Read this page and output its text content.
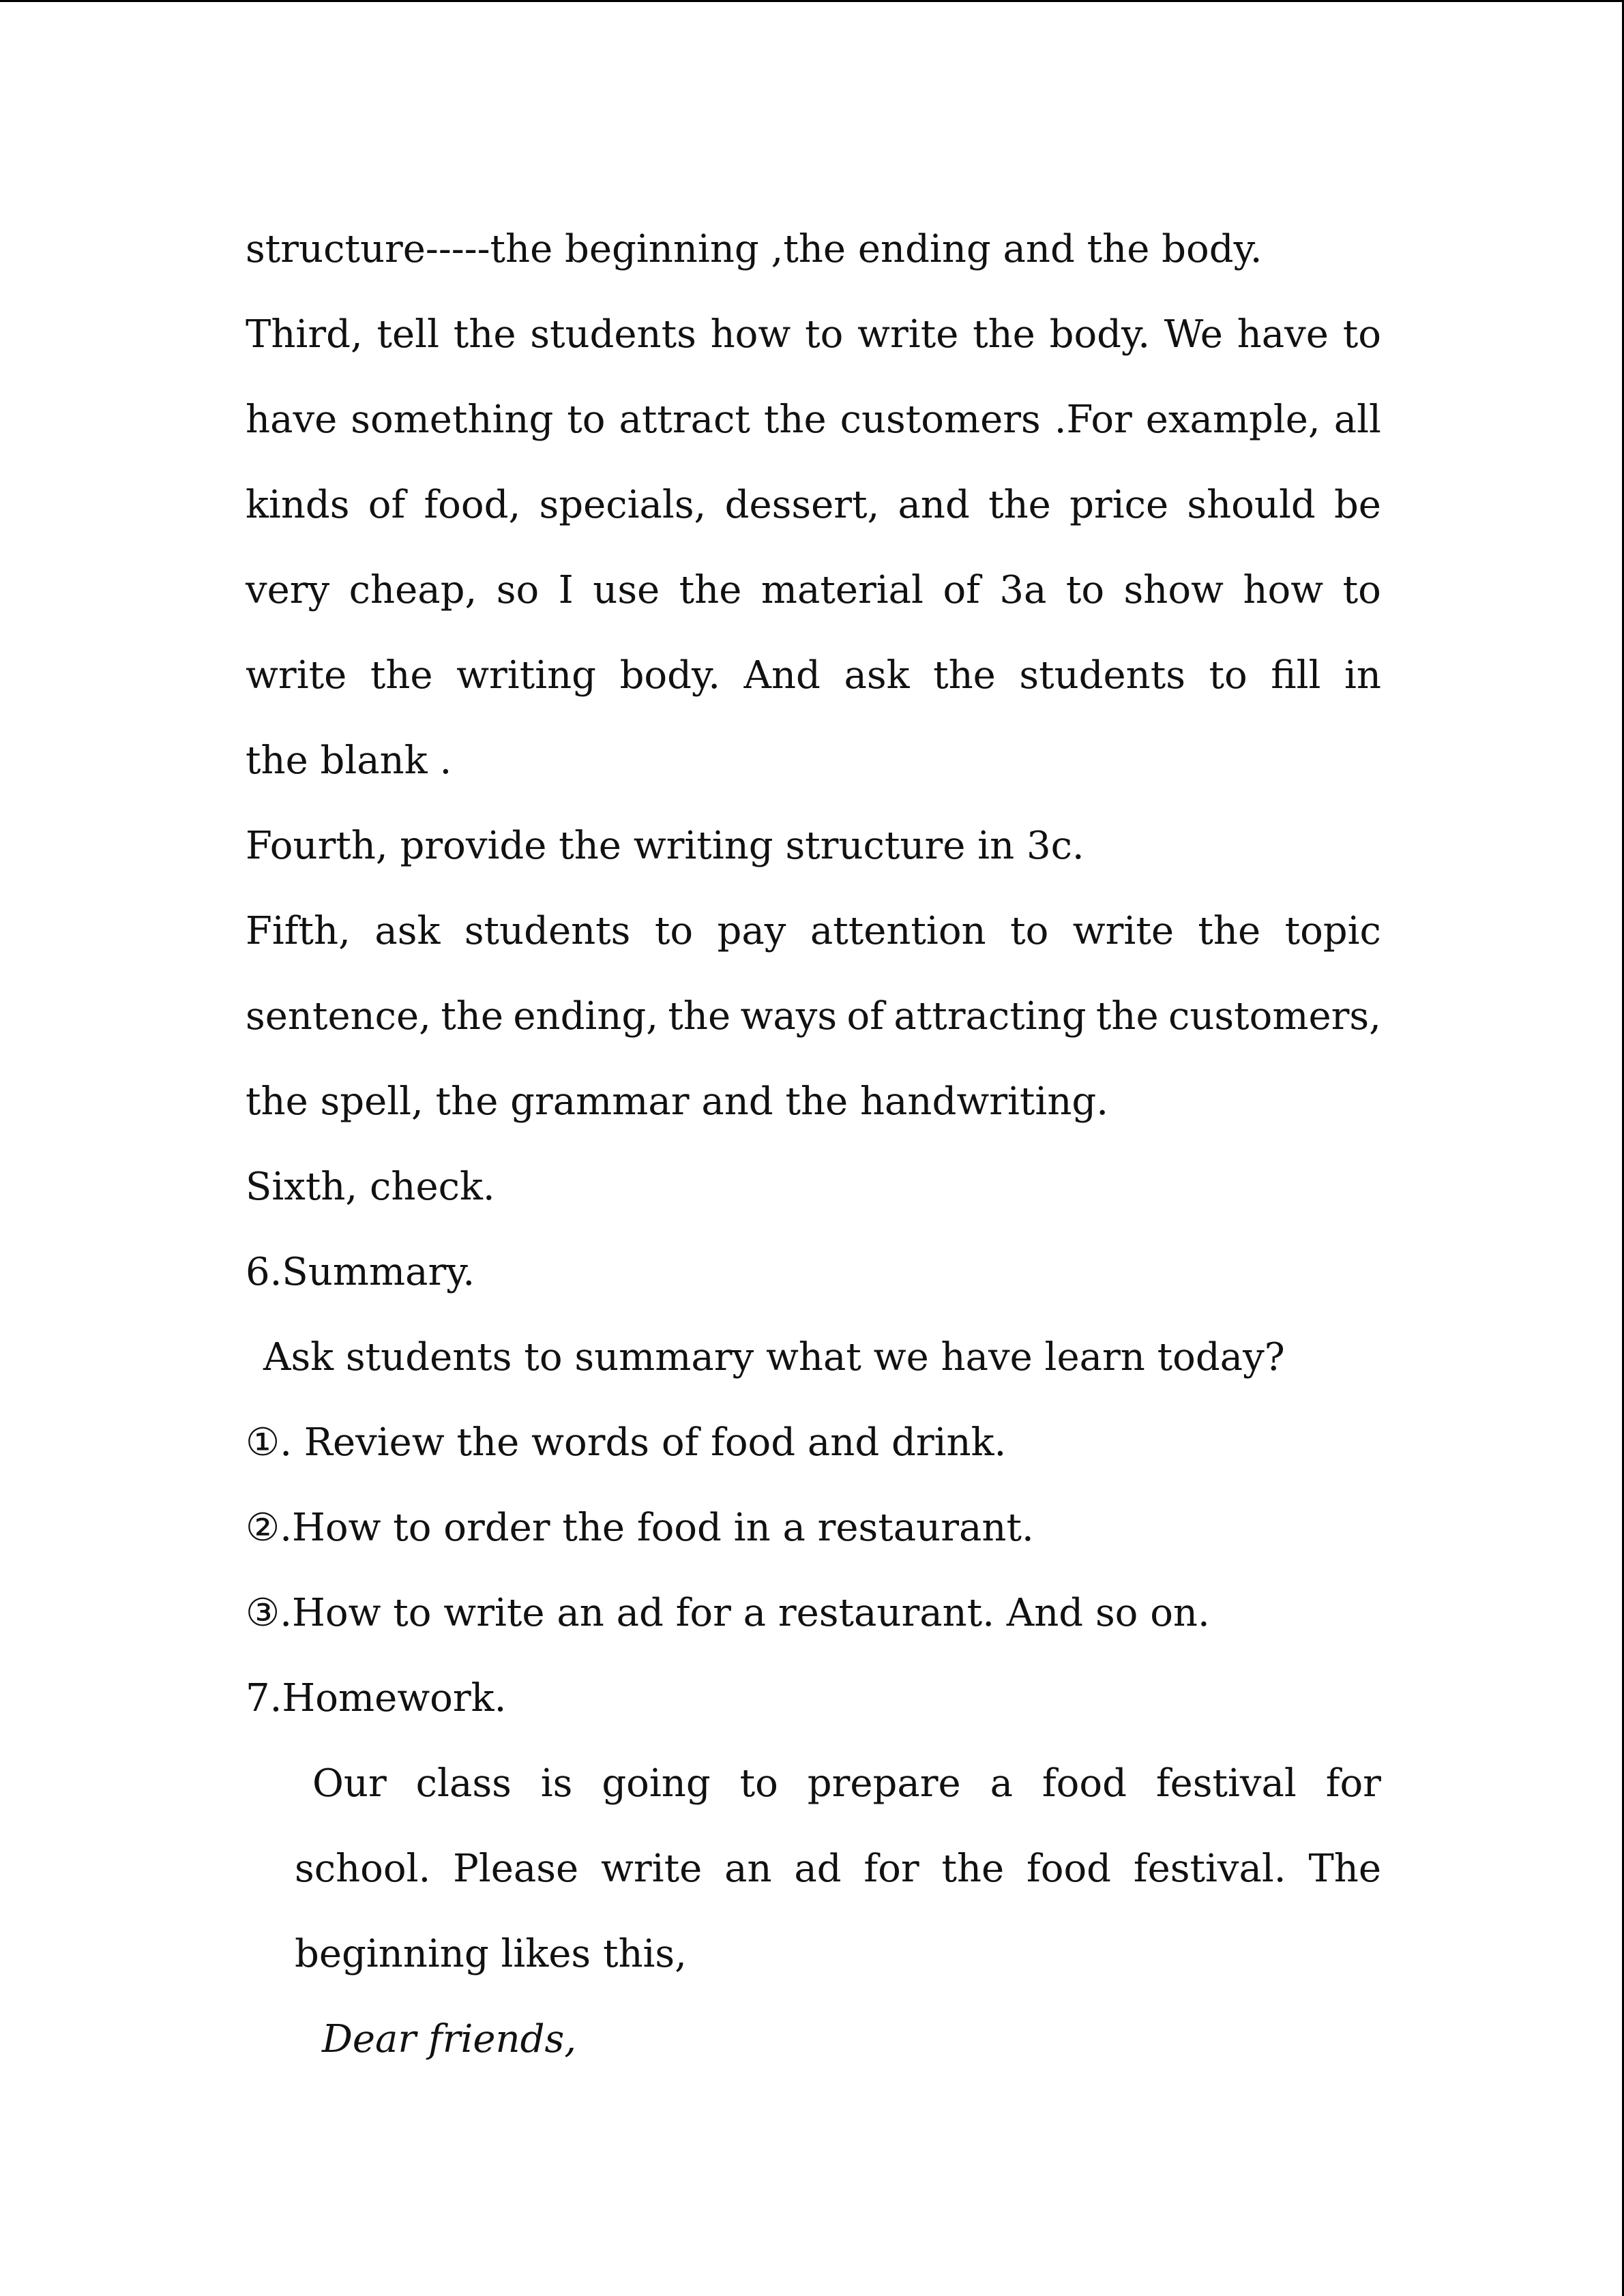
structure-----the beginning ,the ending and the body.
Third, tell the students how to write the body. We have to
have something to attract the customers .For example, all
kinds of food, specials, dessert, and the price should be
very cheap, so I use the material of 3a to show how to
write the writing body. And ask the students to fill in
the blank .
Fourth, provide the writing structure in 3c.
Fifth, ask students to pay attention to write the topic
sentence, the ending, the ways of attracting the customers,
the spell, the grammar and the handwriting.
Sixth, check.
6.Summary.
Ask students to summary what we have learn today?
①. Review the words of food and drink.
②.How to order the food in a restaurant.
③.How to write an ad for a restaurant. And so on.
7.Homework.
Our class is going to prepare a food festival for
school. Please write an ad for the food festival. The
beginning likes this,
Dear friends,
